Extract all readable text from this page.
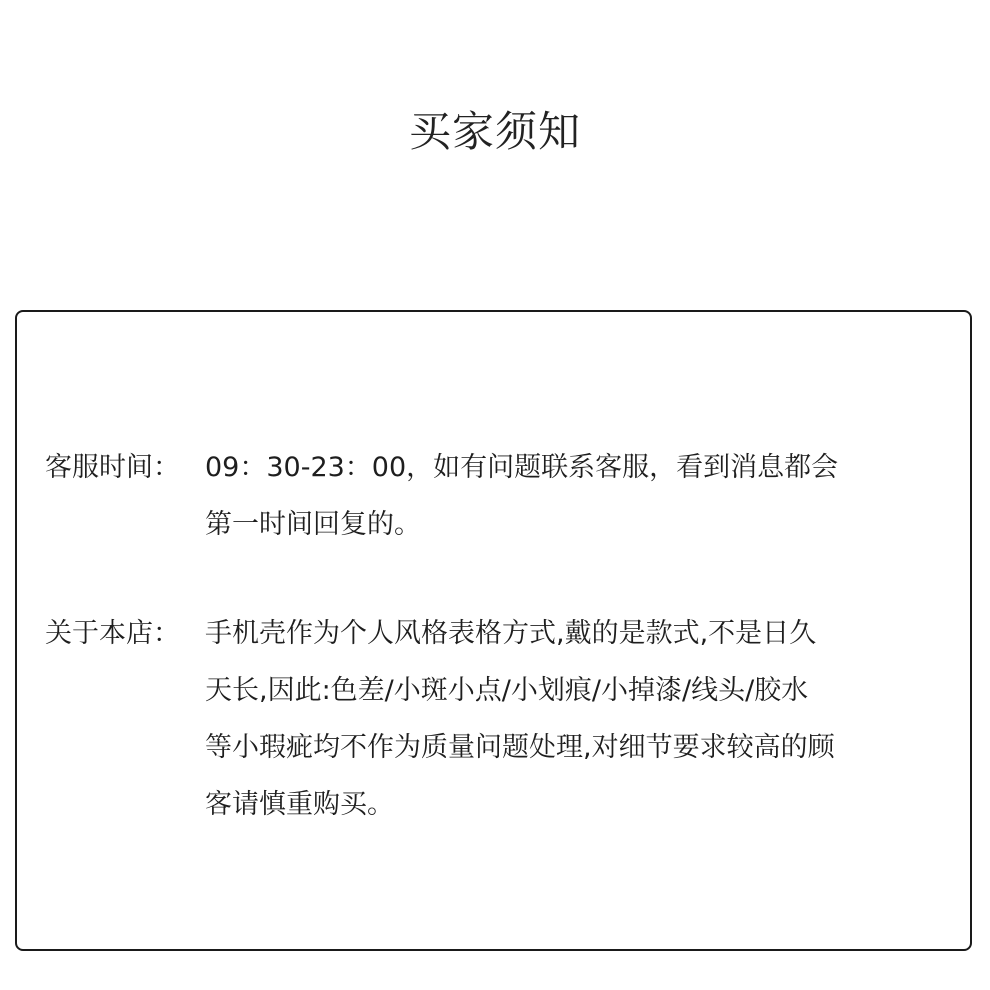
买家须知
客服时间： 09：30-23：00，如有问题联系客服，看到消息都会
第一时间回复的。
关于本店： 手机壳作为个人风格表格方式,戴的是款式,不是日久
天长,因此:色差/小斑小点/小划痕/小掉漆/线头/胶水
等小瑕疵均不作为质量问题处理,对细节要求较高的顾
客请慎重购买。
